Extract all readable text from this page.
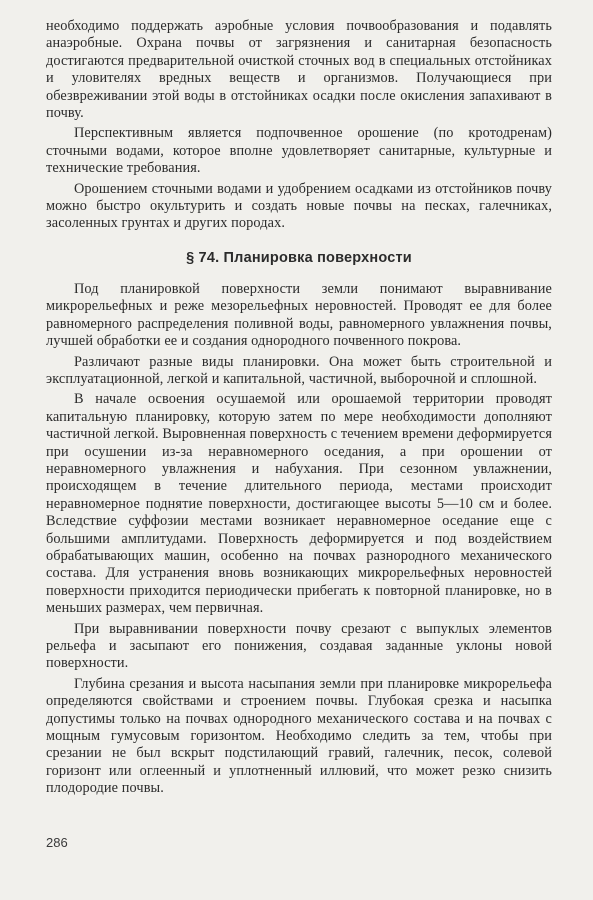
необходимо поддержать аэробные условия почвообразования и подавлять анаэробные. Охрана почвы от загрязнения и санитарная безопасность достигаются предварительной очисткой сточных вод в специальных отстойниках и уловителях вредных веществ и организмов. Получающиеся при обезвреживании этой воды в отстойниках осадки после окисления запахивают в почву.

Перспективным является подпочвенное орошение (по кротодренам) сточными водами, которое вполне удовлетворяет санитарные, культурные и технические требования.

Орошением сточными водами и удобрением осадками из отстойников почву можно быстро окультурить и создать новые почвы на песках, галечниках, засоленных грунтах и других породах.

§ 74. Планировка поверхности

Под планировкой поверхности земли понимают выравнивание микрорельефных и реже мезорельефных неровностей. Проводят ее для более равномерного распределения поливной воды, равномерного увлажнения почвы, лучшей обработки ее и создания однородного почвенного покрова.

Различают разные виды планировки. Она может быть строительной и эксплуатационной, легкой и капитальной, частичной, выборочной и сплошной.

В начале освоения осушаемой или орошаемой территории проводят капитальную планировку, которую затем по мере необходимости дополняют частичной легкой. Выровненная поверхность с течением времени деформируется при осушении из-за неравномерного оседания, а при орошении от неравномерного увлажнения и набухания. При сезонном увлажнении, происходящем в течение длительного периода, местами происходит неравномерное поднятие поверхности, достигающее высоты 5—10 см и более. Вследствие суффозии местами возникает неравномерное оседание еще с большими амплитудами. Поверхность деформируется и под воздействием обрабатывающих машин, особенно на почвах разнородного механического состава. Для устранения вновь возникающих микрорельефных неровностей поверхности приходится периодически прибегать к повторной планировке, но в меньших размерах, чем первичная.

При выравнивании поверхности почву срезают с выпуклых элементов рельефа и засыпают его понижения, создавая заданные уклоны новой поверхности.

Глубина срезания и высота насыпания земли при планировке микрорельефа определяются свойствами и строением почвы. Глубокая срезка и насыпка допустимы только на почвах однородного механического состава и на почвах с мощным гумусовым горизонтом. Необходимо следить за тем, чтобы при срезании не был вскрыт подстилающий гравий, галечник, песок, солевой горизонт или оглеенный и уплотненный иллювий, что может резко снизить плодородие почвы.

286
